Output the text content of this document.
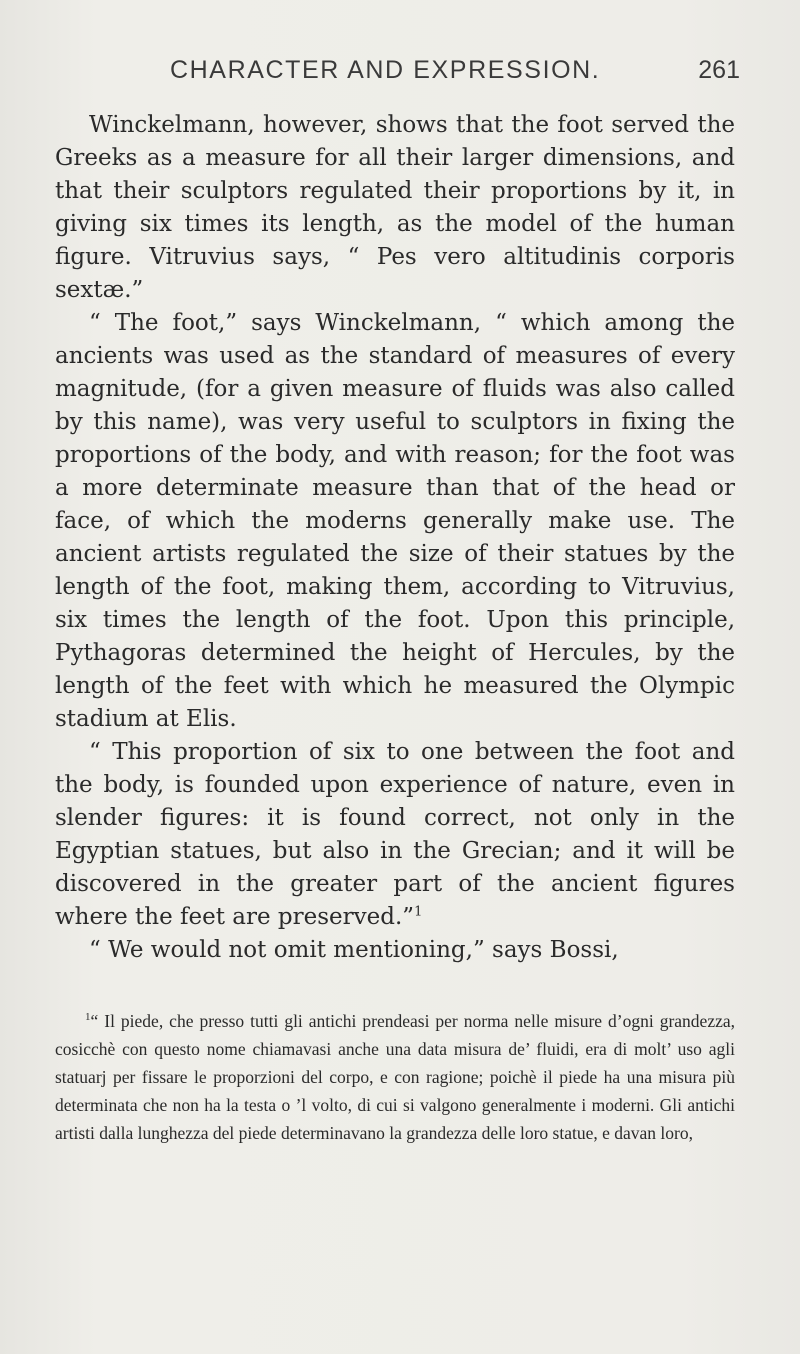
CHARACTER AND EXPRESSION.	261

Winckelmann, however, shows that the foot served the Greeks as a measure for all their larger dimensions, and that their sculptors regulated their proportions by it, in giving six times its length, as the model of the human figure. Vitruvius says, “ Pes vero altitudinis corporis sextæ.”

“ The foot,” says Winckelmann, “ which among the ancients was used as the standard of measures of every magnitude, (for a given measure of fluids was also called by this name), was very useful to sculptors in fixing the proportions of the body, and with reason; for the foot was a more determinate measure than that of the head or face, of which the moderns generally make use. The ancient artists regulated the size of their statues by the length of the foot, making them, according to Vitruvius, six times the length of the foot. Upon this principle, Pythagoras determined the height of Hercules, by the length of the feet with which he measured the Olympic stadium at Elis.

“ This proportion of six to one between the foot and the body, is founded upon experience of nature, even in slender figures: it is found correct, not only in the Egyptian statues, but also in the Grecian; and it will be discovered in the greater part of the ancient figures where the feet are preserved.”$^1$

“ We would not omit mentioning,” says Bossi,

$^1$“ Il piede, che presso tutti gli antichi prendeasi per norma nelle misure d’ogni grandezza, cosicchè con questo nome chiamavasi anche una data misura de’ fluidi, era di molt’ uso agli statuarj per fissare le proporzioni del corpo, e con ragione; poichè il piede ha una misura più determinata che non ha la testa o ’l volto, di cui si valgono generalmente i moderni. Gli antichi artisti dalla lunghezza del piede determinavano la grandezza delle loro statue, e davan loro,
